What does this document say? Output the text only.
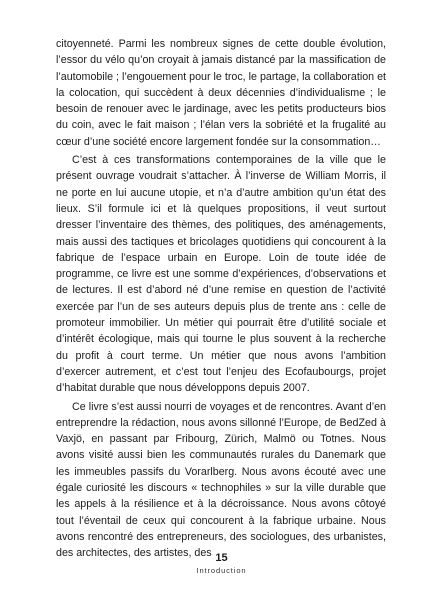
citoyenneté. Parmi les nombreux signes de cette double évolution, l’essor du vélo qu’on croyait à jamais distancé par la massification de l’automobile ; l’engouement pour le troc, le partage, la collaboration et la colocation, qui succèdent à deux décennies d’individualisme ; le besoin de renouer avec le jardinage, avec les petits producteurs bios du coin, avec le fait maison ; l’élan vers la sobriété et la frugalité au cœur d’une société encore largement fondée sur la consommation…

C’est à ces transformations contemporaines de la ville que le présent ouvrage voudrait s’attacher. À l’inverse de William Morris, il ne porte en lui aucune utopie, et n’a d’autre ambition qu’un état des lieux. S’il formule ici et là quelques propositions, il veut surtout dresser l’inventaire des thèmes, des politiques, des aménagements, mais aussi des tactiques et bricolages quotidiens qui concourent à la fabrique de l’espace urbain en Europe. Loin de toute idée de programme, ce livre est une somme d’expériences, d’observations et de lectures. Il est d’abord né d’une remise en question de l’activité exercée par l’un de ses auteurs depuis plus de trente ans : celle de promoteur immobilier. Un métier qui pourrait être d’utilité sociale et d’intérêt écologique, mais qui tourne le plus souvent à la recherche du profit à court terme. Un métier que nous avons l’ambition d’exercer autrement, et c’est tout l’enjeu des Ecofaubourgs, projet d’habitat durable que nous développons depuis 2007.

Ce livre s’est aussi nourri de voyages et de rencontres. Avant d’en entreprendre la rédaction, nous avons sillonné l’Europe, de BedZed à Vaxjö, en passant par Fribourg, Zürich, Malmö ou Totnes. Nous avons visité aussi bien les communautés rurales du Danemark que les immeubles passifs du Vorarlberg. Nous avons écouté avec une égale curiosité les discours « technophiles » sur la ville durable que les appels à la résilience et à la décroissance. Nous avons côtoyé tout l’éventail de ceux qui concourent à la fabrique urbaine. Nous avons rencontré des entrepreneurs, des sociologues, des urbanistes, des architectes, des artistes, des 15
Introduction
